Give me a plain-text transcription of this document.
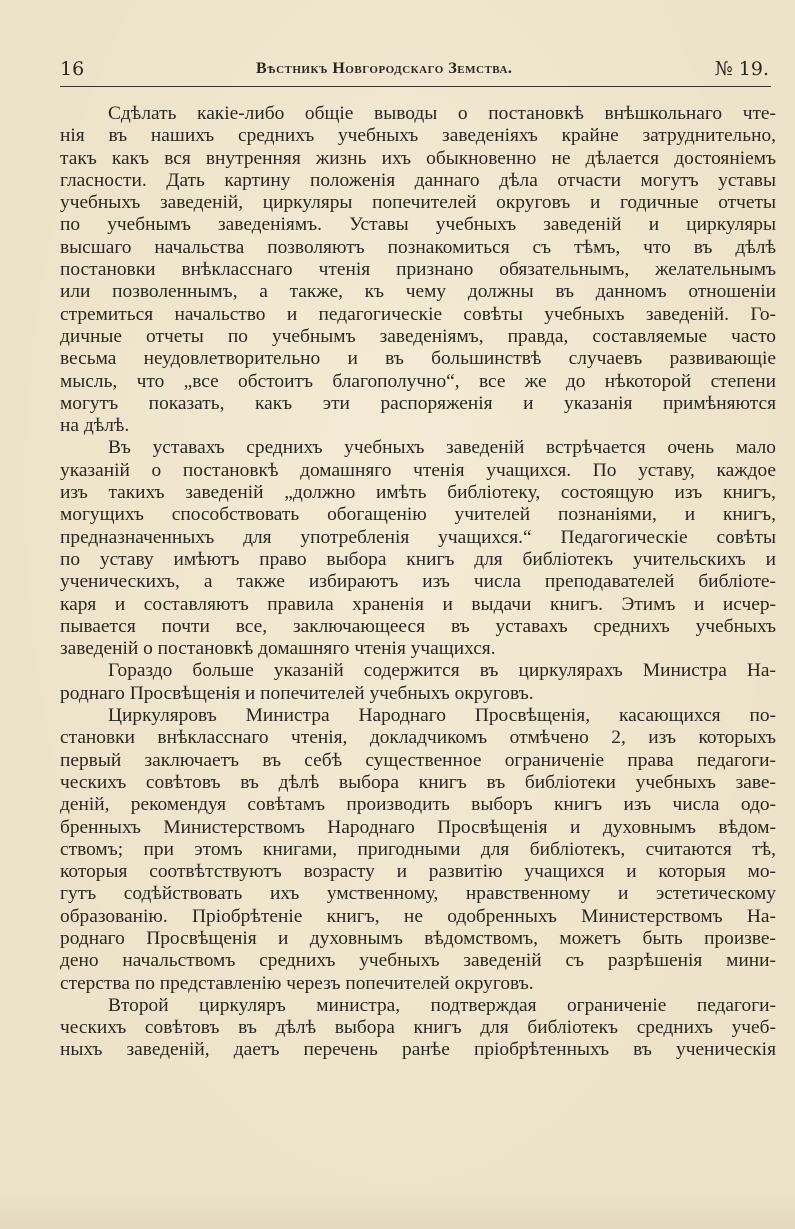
16	Вѣстникъ Новгородскаго Земства.	№ 19.
Сдѣлать какіе-либо общіе выводы о постановкѣ внѣшкольнаго чте-
нія въ нашихъ среднихъ учебныхъ заведеніяхъ крайне затруднительно,
такъ какъ вся внутренняя жизнь ихъ обыкновенно не дѣлается достояніемъ
гласности. Дать картину положенія даннаго дѣла отчасти могутъ уставы
учебныхъ заведеній, циркуляры попечителей округовъ и годичные отчеты
по учебнымъ заведеніямъ. Уставы учебныхъ заведеній и циркуляры
высшаго начальства позволяютъ познакомиться съ тѣмъ, что въ дѣлѣ
постановки внѣкласснаго чтенія признано обязательнымъ, желательнымъ
или позволеннымъ, а также, къ чему должны въ данномъ отношеніи
стремиться начальство и педагогическіе совѣты учебныхъ заведеній. Го-
дичные отчеты по учебнымъ заведеніямъ, правда, составляемые часто
весьма неудовлетворительно и въ большинствѣ случаевъ развивающіе
мысль, что „все обстоитъ благополучно“, все же до нѣкоторой степени
могутъ показать, какъ эти распоряженія и указанія примѣняются
на дѣлѣ.
Въ уставахъ среднихъ учебныхъ заведеній встрѣчается очень мало
указаній о постановкѣ домашняго чтенія учащихся. По уставу, каждое
изъ такихъ заведеній „должно имѣть библіотеку, состоящую изъ книгъ,
могущихъ способствовать обогащенію учителей познаніями, и книгъ,
предназначенныхъ для употребленія учащихся.“ Педагогическіе совѣты
по уставу имѣютъ право выбора книгъ для библіотекъ учительскихъ и
ученическихъ, а также избираютъ изъ числа преподавателей библіоте-
каря и составляютъ правила храненія и выдачи книгъ. Этимъ и исчер-
пывается почти все, заключающееся въ уставахъ среднихъ учебныхъ
заведеній о постановкѣ домашняго чтенія учащихся.
Гораздо больше указаній содержится въ циркулярахъ Министра На-
роднаго Просвѣщенія и попечителей учебныхъ округовъ.
Циркуляровъ Министра Народнаго Просвѣщенія, касающихся по-
становки внѣкласснаго чтенія, докладчикомъ отмѣчено 2, изъ которыхъ
первый заключаетъ въ себѣ существенное ограниченіе права педагоги-
ческихъ совѣтовъ въ дѣлѣ выбора книгъ въ библіотеки учебныхъ заве-
деній, рекомендуя совѣтамъ производить выборъ книгъ изъ числа одо-
бренныхъ Министерствомъ Народнаго Просвѣщенія и духовнымъ вѣдом-
ствомъ; при этомъ книгами, пригодными для библіотекъ, считаются тѣ,
которыя соотвѣтствуютъ возрасту и развитію учащихся и которыя мо-
гутъ содѣйствовать ихъ умственному, нравственному и эстетическому
образованію. Пріобрѣтеніе книгъ, не одобренныхъ Министерствомъ На-
роднаго Просвѣщенія и духовнымъ вѣдомствомъ, можетъ быть произве-
дено начальствомъ среднихъ учебныхъ заведеній съ разрѣшенія мини-
стерства по представленію черезъ попечителей округовъ.
Второй циркуляръ министра, подтверждая ограниченіе педагоги-
ческихъ совѣтовъ въ дѣлѣ выбора книгъ для библіотекъ среднихъ учеб-
ныхъ заведеній, даетъ перечень ранѣе пріобрѣтенныхъ въ ученическія
